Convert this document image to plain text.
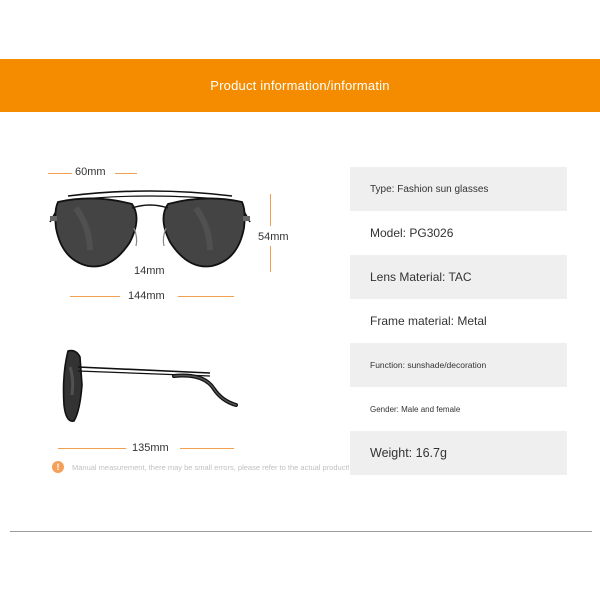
Product information/informatin
60mm
54mm
14mm
144mm
135mm
Type: Fashion sun glasses
Model: PG3026
Lens Material: TAC
Frame material: Metal
Function: sunshade/decoration
Gender: Male and female
Weight: 16.7g
!	Manual measurement, there may be small errors, please refer to the actual product!
